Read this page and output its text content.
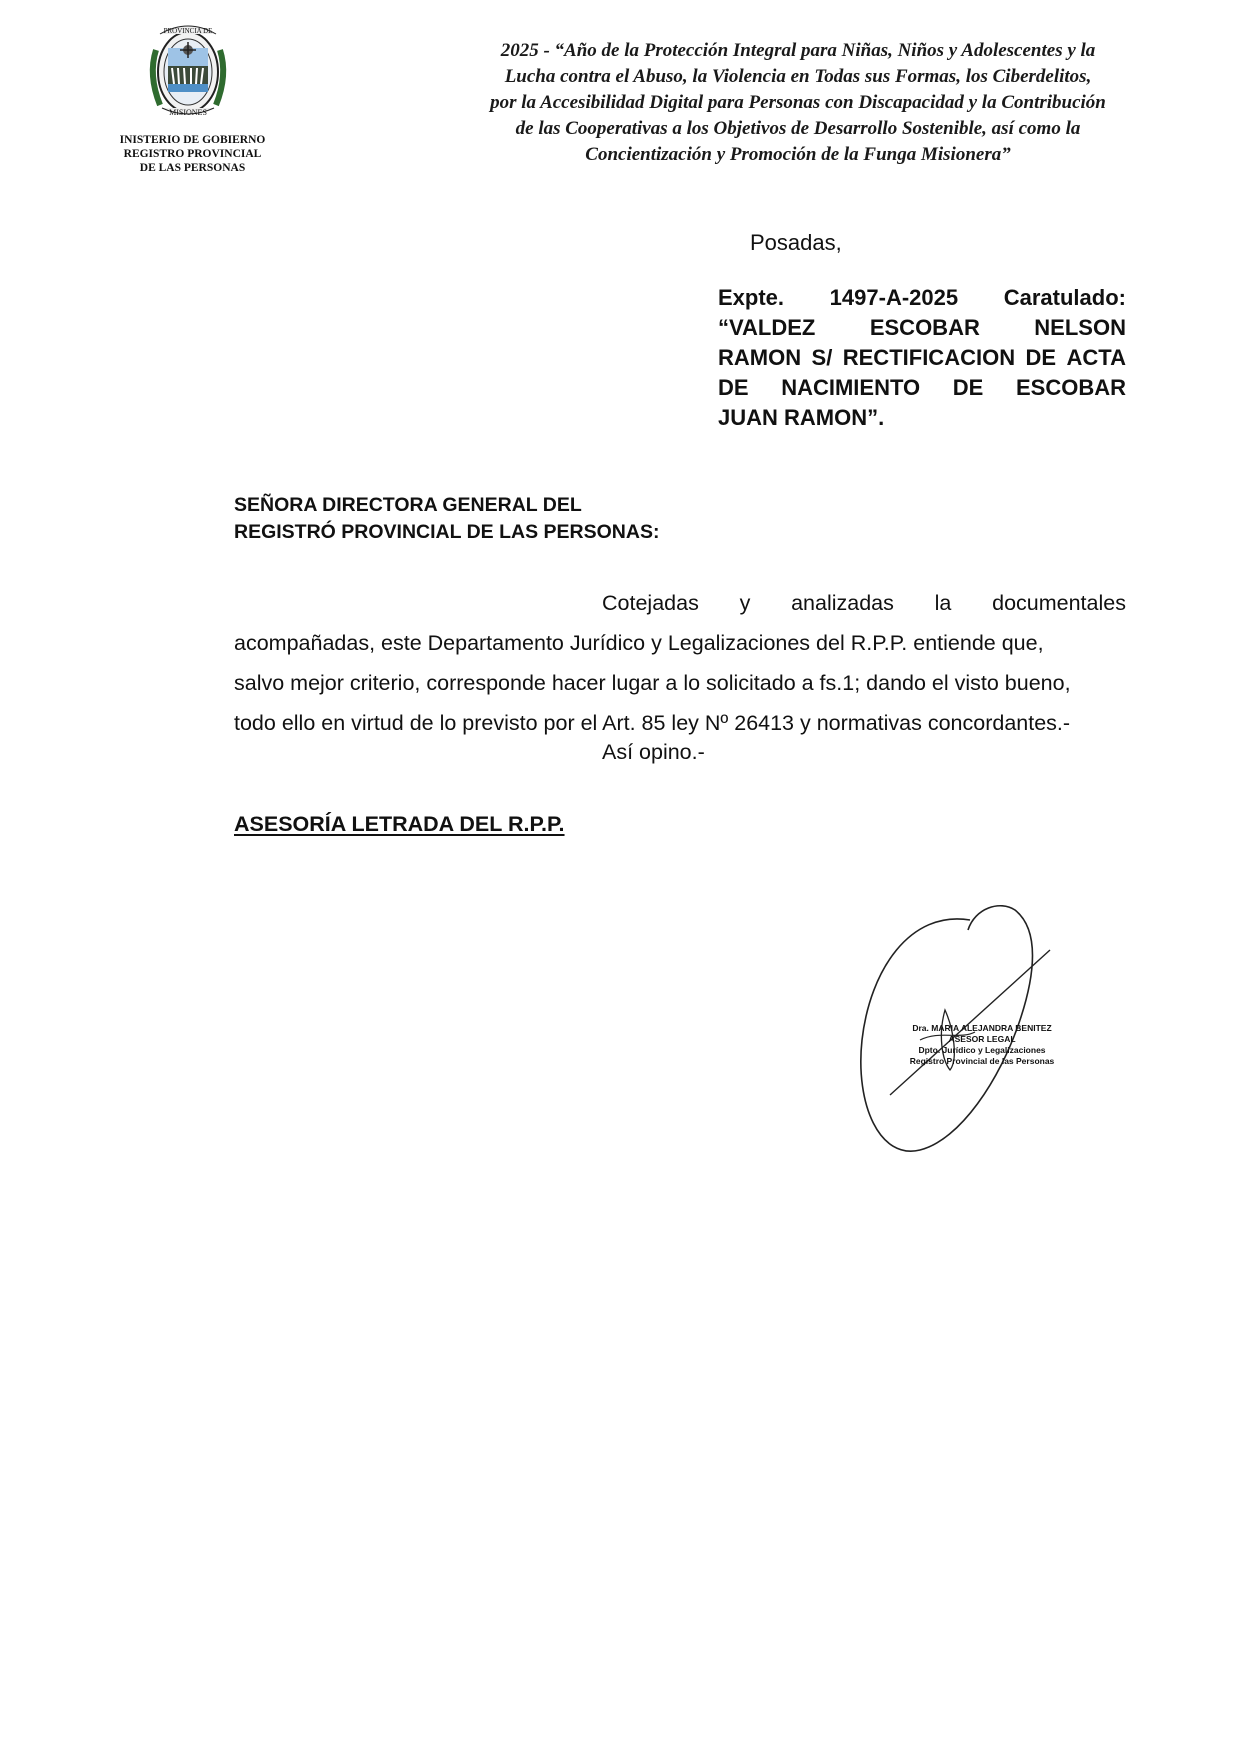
PROVINCIA DE
MISIONES
INISTERIO DE GOBIERNO
REGISTRO PROVINCIAL
DE LAS PERSONAS
2025 - “Año de la Protección Integral para Niñas, Niños y Adolescentes y la
Lucha contra el Abuso, la Violencia en Todas sus Formas, los Ciberdelitos,
por la Accesibilidad Digital para Personas con Discapacidad y la Contribución
de las Cooperativas a los Objetivos de Desarrollo Sostenible, así como la
Concientización y Promoción de la Funga Misionera”
Posadas,
Expte. 1497-A-2025 Caratulado:
“VALDEZ ESCOBAR NELSON
RAMON S/ RECTIFICACION DE ACTA
DE NACIMIENTO DE ESCOBAR
JUAN RAMON”.
SEÑORA DIRECTORA GENERAL DEL
REGISTRÓ PROVINCIAL DE LAS PERSONAS:
Cotejadas y analizadas la documentales
acompañadas, este Departamento Jurídico y Legalizaciones del R.P.P. entiende que,
salvo mejor criterio, corresponde hacer lugar a lo solicitado a fs.1; dando el visto bueno,
todo ello en virtud de lo previsto por el Art. 85 ley Nº 26413 y normativas concordantes.-
Así opino.-
ASESORÍA LETRADA DEL R.P.P.
Dra. MARIA ALEJANDRA BENITEZ
ASESOR LEGAL
Dpto. Jurídico y Legalizaciones
Registro Provincial de las Personas
